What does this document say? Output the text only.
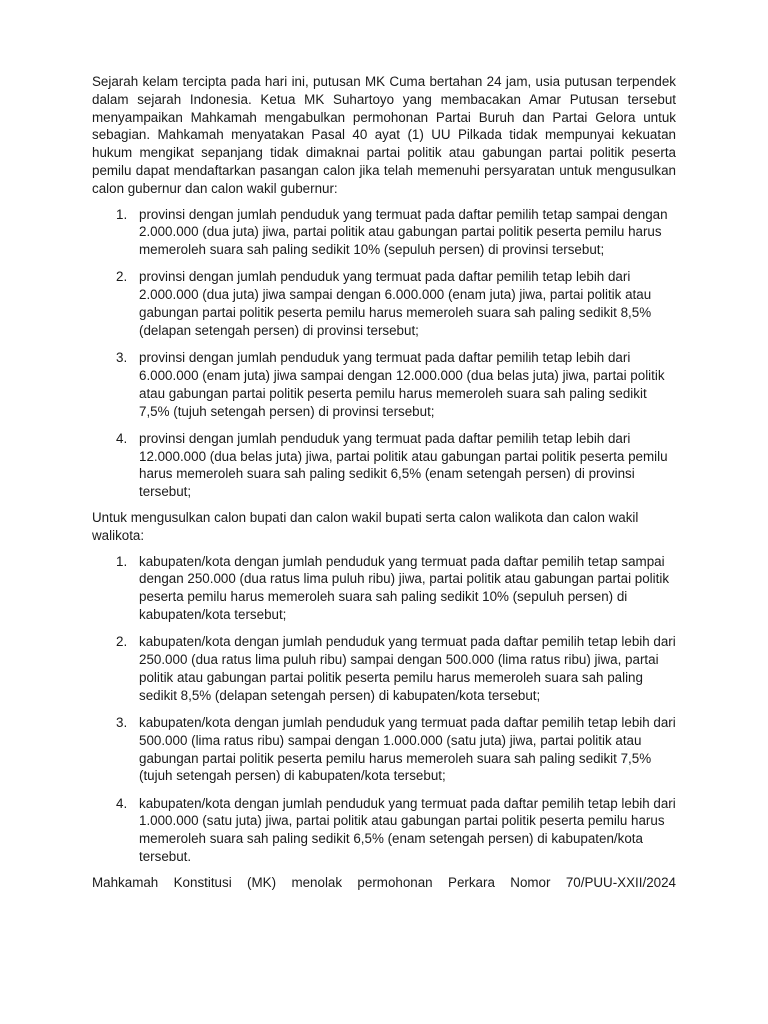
Sejarah kelam tercipta pada hari ini, putusan MK Cuma bertahan 24 jam, usia putusan terpendek dalam sejarah Indonesia. Ketua MK Suhartoyo yang membacakan Amar Putusan tersebut menyampaikan Mahkamah mengabulkan permohonan Partai Buruh dan Partai Gelora untuk sebagian. Mahkamah menyatakan Pasal 40 ayat (1) UU Pilkada tidak mempunyai kekuatan hukum mengikat sepanjang tidak dimaknai partai politik atau gabungan partai politik peserta pemilu dapat mendaftarkan pasangan calon jika telah memenuhi persyaratan untuk mengusulkan calon gubernur dan calon wakil gubernur:

1. provinsi dengan jumlah penduduk yang termuat pada daftar pemilih tetap sampai dengan 2.000.000 (dua juta) jiwa, partai politik atau gabungan partai politik peserta pemilu harus memeroleh suara sah paling sedikit 10% (sepuluh persen) di provinsi tersebut;
2. provinsi dengan jumlah penduduk yang termuat pada daftar pemilih tetap lebih dari 2.000.000 (dua juta) jiwa sampai dengan 6.000.000 (enam juta) jiwa, partai politik atau gabungan partai politik peserta pemilu harus memeroleh suara sah paling sedikit 8,5% (delapan setengah persen) di provinsi tersebut;
3. provinsi dengan jumlah penduduk yang termuat pada daftar pemilih tetap lebih dari 6.000.000 (enam juta) jiwa sampai dengan 12.000.000 (dua belas juta) jiwa, partai politik atau gabungan partai politik peserta pemilu harus memeroleh suara sah paling sedikit 7,5% (tujuh setengah persen) di provinsi tersebut;
4. provinsi dengan jumlah penduduk yang termuat pada daftar pemilih tetap lebih dari 12.000.000 (dua belas juta) jiwa, partai politik atau gabungan partai politik peserta pemilu harus memeroleh suara sah paling sedikit 6,5% (enam setengah persen) di provinsi tersebut;

Untuk mengusulkan calon bupati dan calon wakil bupati serta calon walikota dan calon wakil walikota:

1. kabupaten/kota dengan jumlah penduduk yang termuat pada daftar pemilih tetap sampai dengan 250.000 (dua ratus lima puluh ribu) jiwa, partai politik atau gabungan partai politik peserta pemilu harus memeroleh suara sah paling sedikit 10% (sepuluh persen) di kabupaten/kota tersebut;
2. kabupaten/kota dengan jumlah penduduk yang termuat pada daftar pemilih tetap lebih dari 250.000 (dua ratus lima puluh ribu) sampai dengan 500.000 (lima ratus ribu) jiwa, partai politik atau gabungan partai politik peserta pemilu harus memeroleh suara sah paling sedikit 8,5% (delapan setengah persen) di kabupaten/kota tersebut;
3. kabupaten/kota dengan jumlah penduduk yang termuat pada daftar pemilih tetap lebih dari 500.000 (lima ratus ribu) sampai dengan 1.000.000 (satu juta) jiwa, partai politik atau gabungan partai politik peserta pemilu harus memeroleh suara sah paling sedikit 7,5% (tujuh setengah persen) di kabupaten/kota tersebut;
4. kabupaten/kota dengan jumlah penduduk yang termuat pada daftar pemilih tetap lebih dari 1.000.000 (satu juta) jiwa, partai politik atau gabungan partai politik peserta pemilu harus memeroleh suara sah paling sedikit 6,5% (enam setengah persen) di kabupaten/kota tersebut.

Mahkamah Konstitusi (MK) menolak permohonan Perkara Nomor 70/PUU-XXII/2024
